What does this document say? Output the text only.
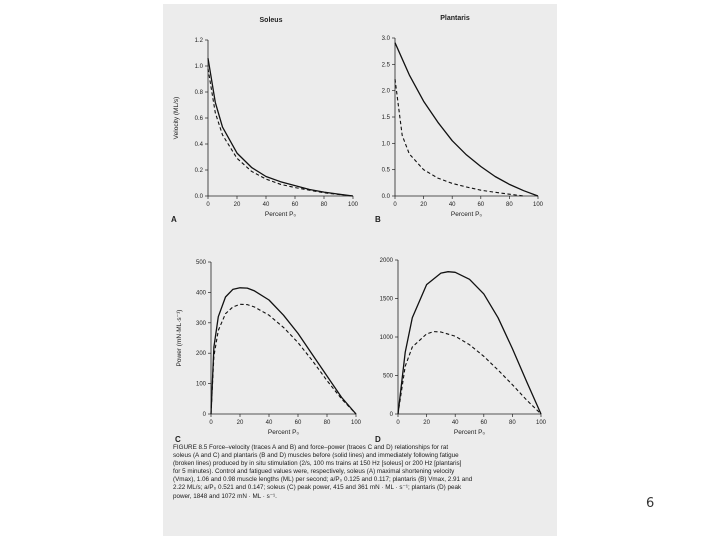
0.0
0.2
0.4
0.6
0.8
1.0
1.2
0	20	40	60	80	100
Percent P₀
Velocity (ML/s)
Soleus
A
0.0
0.5
1.0
1.5
2.0
2.5
3.0
0	20	40	60	80	100
Percent P₀
Plantaris
B
0
100
200
300
400
500
0	20	40	60	80	100
Percent P₀
Power (mN·ML·s⁻¹)
C
0
500
1000
1500
2000
0	20	40	60	80	100
Percent P₀
D

FIGURE 8.5 Force–velocity (traces A and B) and force–power (traces C and D) relationships for rat

soleus (A and C) and plantaris (B and D) muscles before (solid lines) and immediately following fatigue

(broken lines) produced by in situ stimulation (2/s, 100 ms trains at 150 Hz [soleus] or 200 Hz [plantaris]

for 5 minutes). Control and fatigued values were, respectively, soleus (A) maximal shortening velocity

(Vmax), 1.06 and 0.98 muscle lengths (ML) per second; a/P₀ 0.125 and 0.117; plantaris (B) Vmax, 2.91 and

2.22 ML/s; a/P₀ 0.521 and 0.147; soleus (C) peak power, 415 and 361 mN · ML · s⁻¹; plantaris (D) peak

power, 1848 and 1072 mN · ML · s⁻¹.	6
